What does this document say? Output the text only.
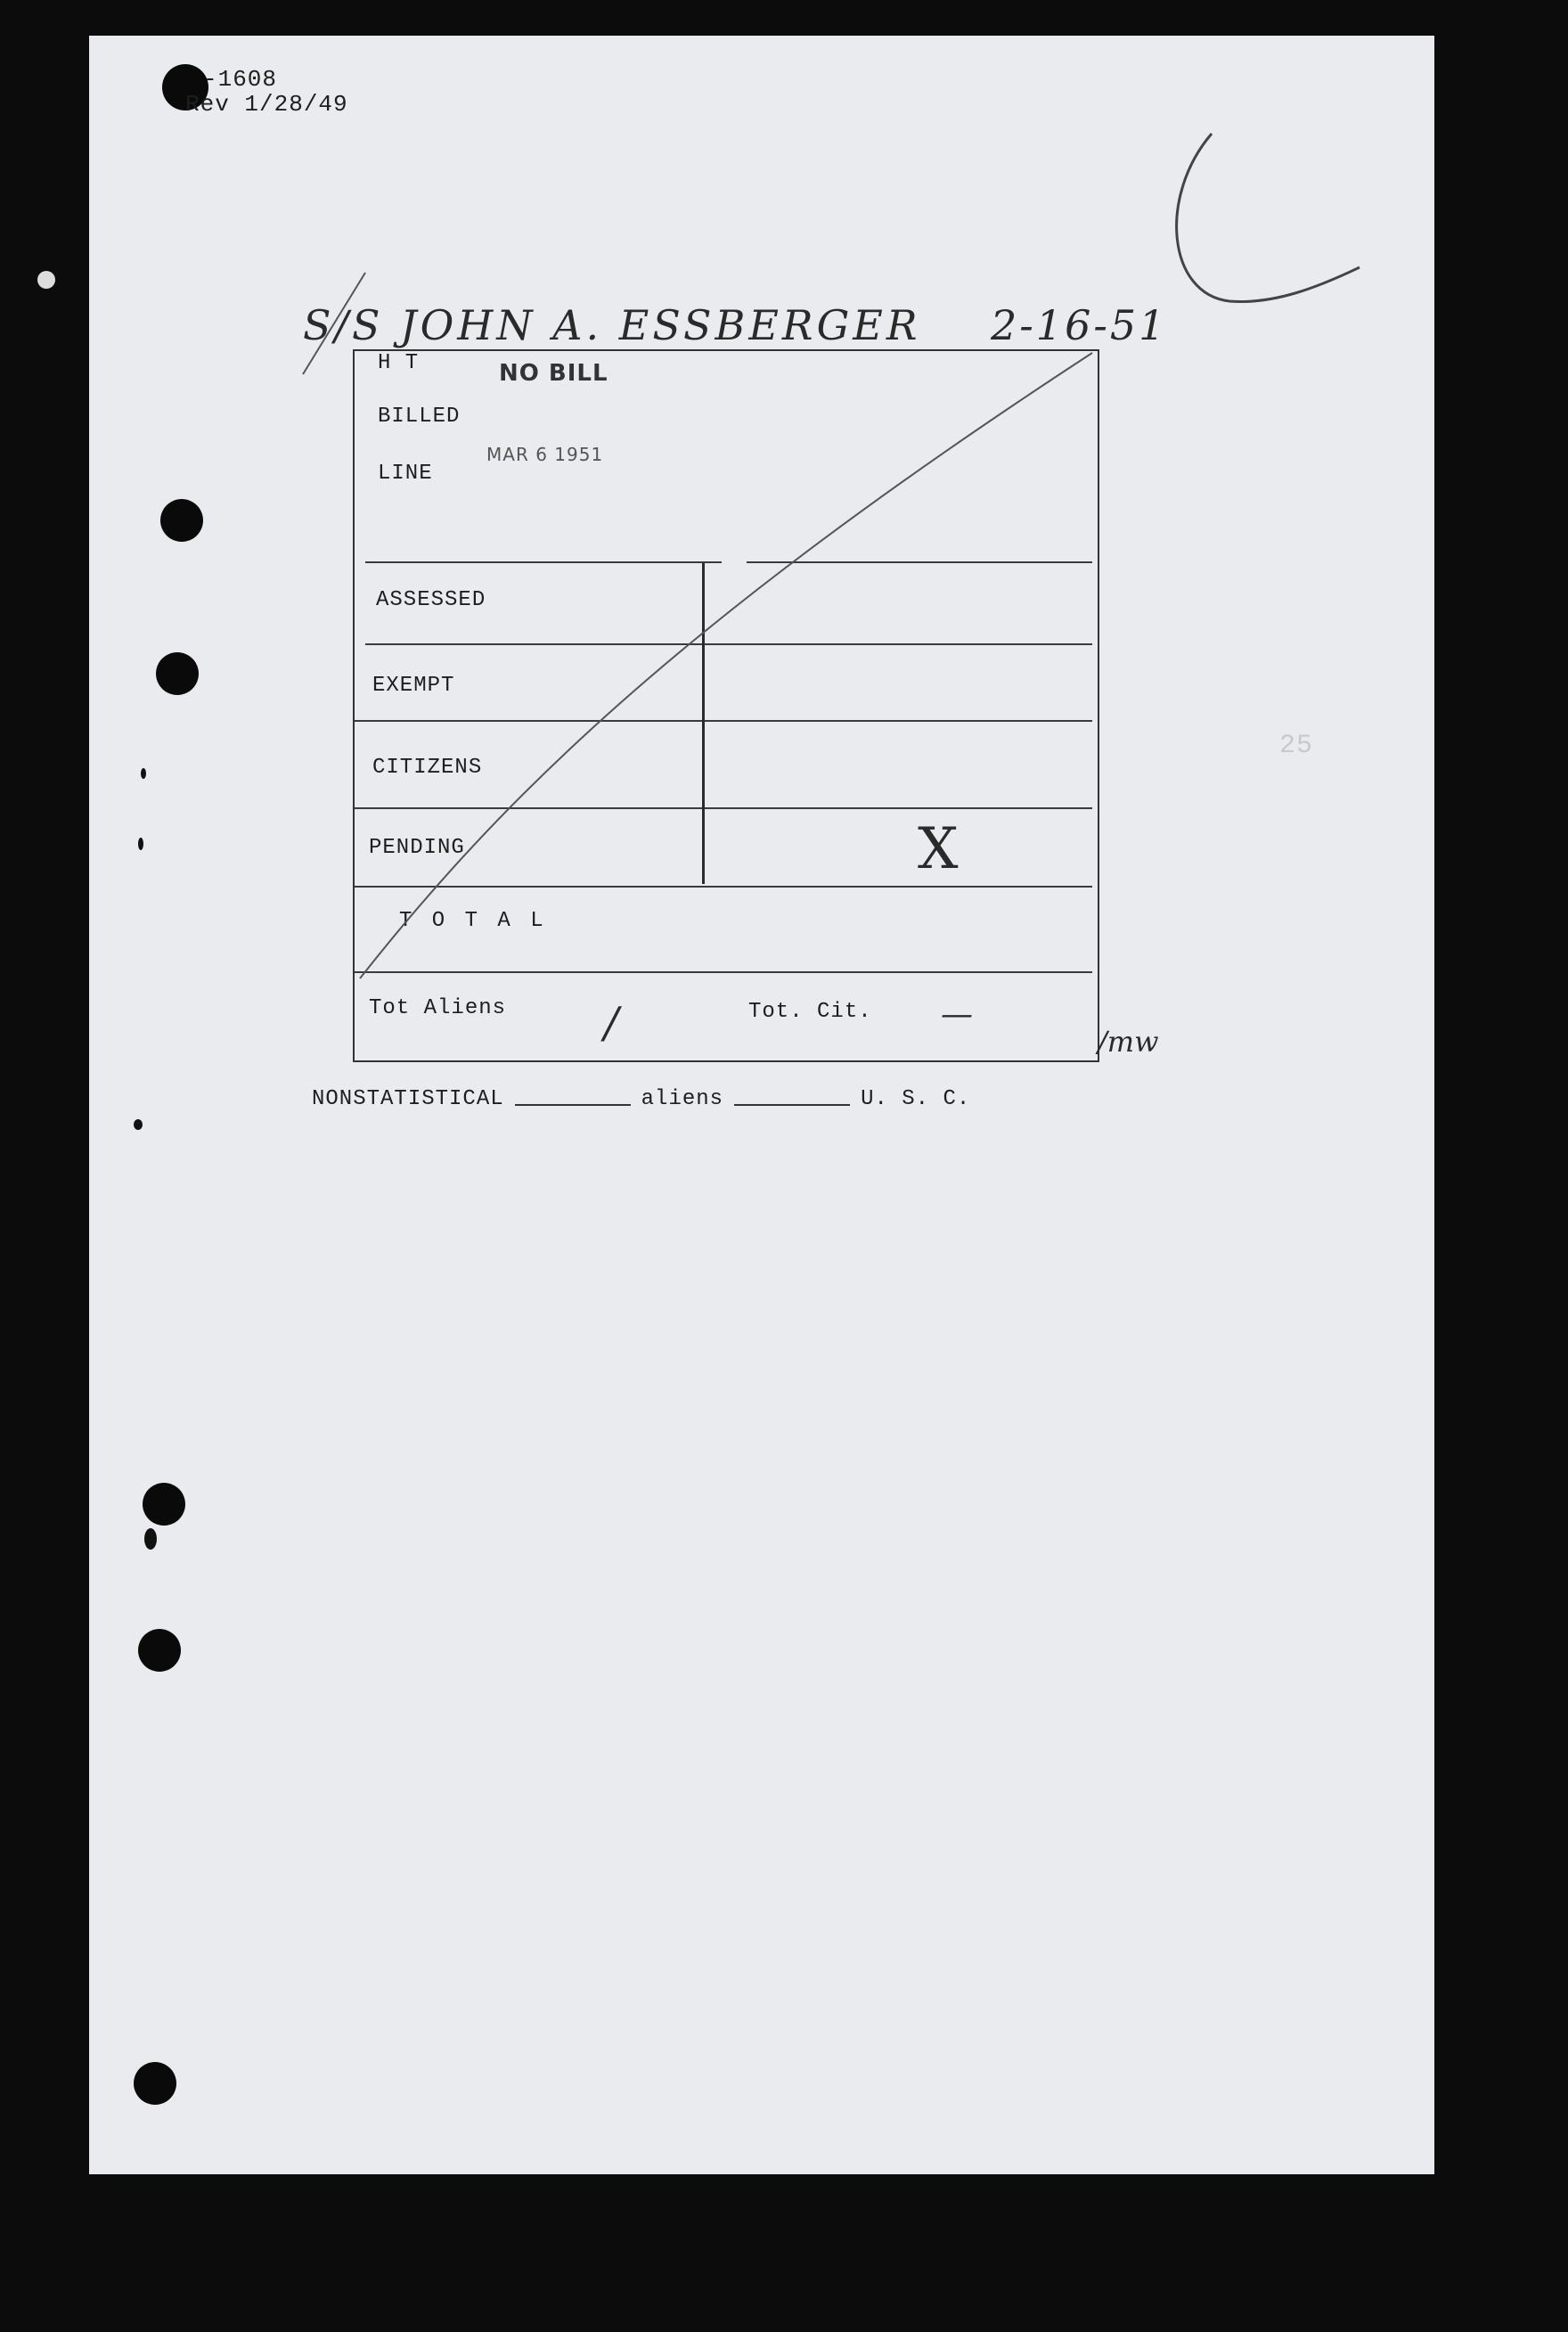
-1608
Rev 1/28/49
S/S JOHN A. ESSBERGER 2-16-51
H T
BILLED
LINE
NO BILL
MAR 6 1951
ASSESSED
EXEMPT
CITIZENS
PENDING	X
T O T A L
Tot Aliens /	Tot. Cit. —
/mw
NONSTATISTICAL	aliens	U. S. C.
25
